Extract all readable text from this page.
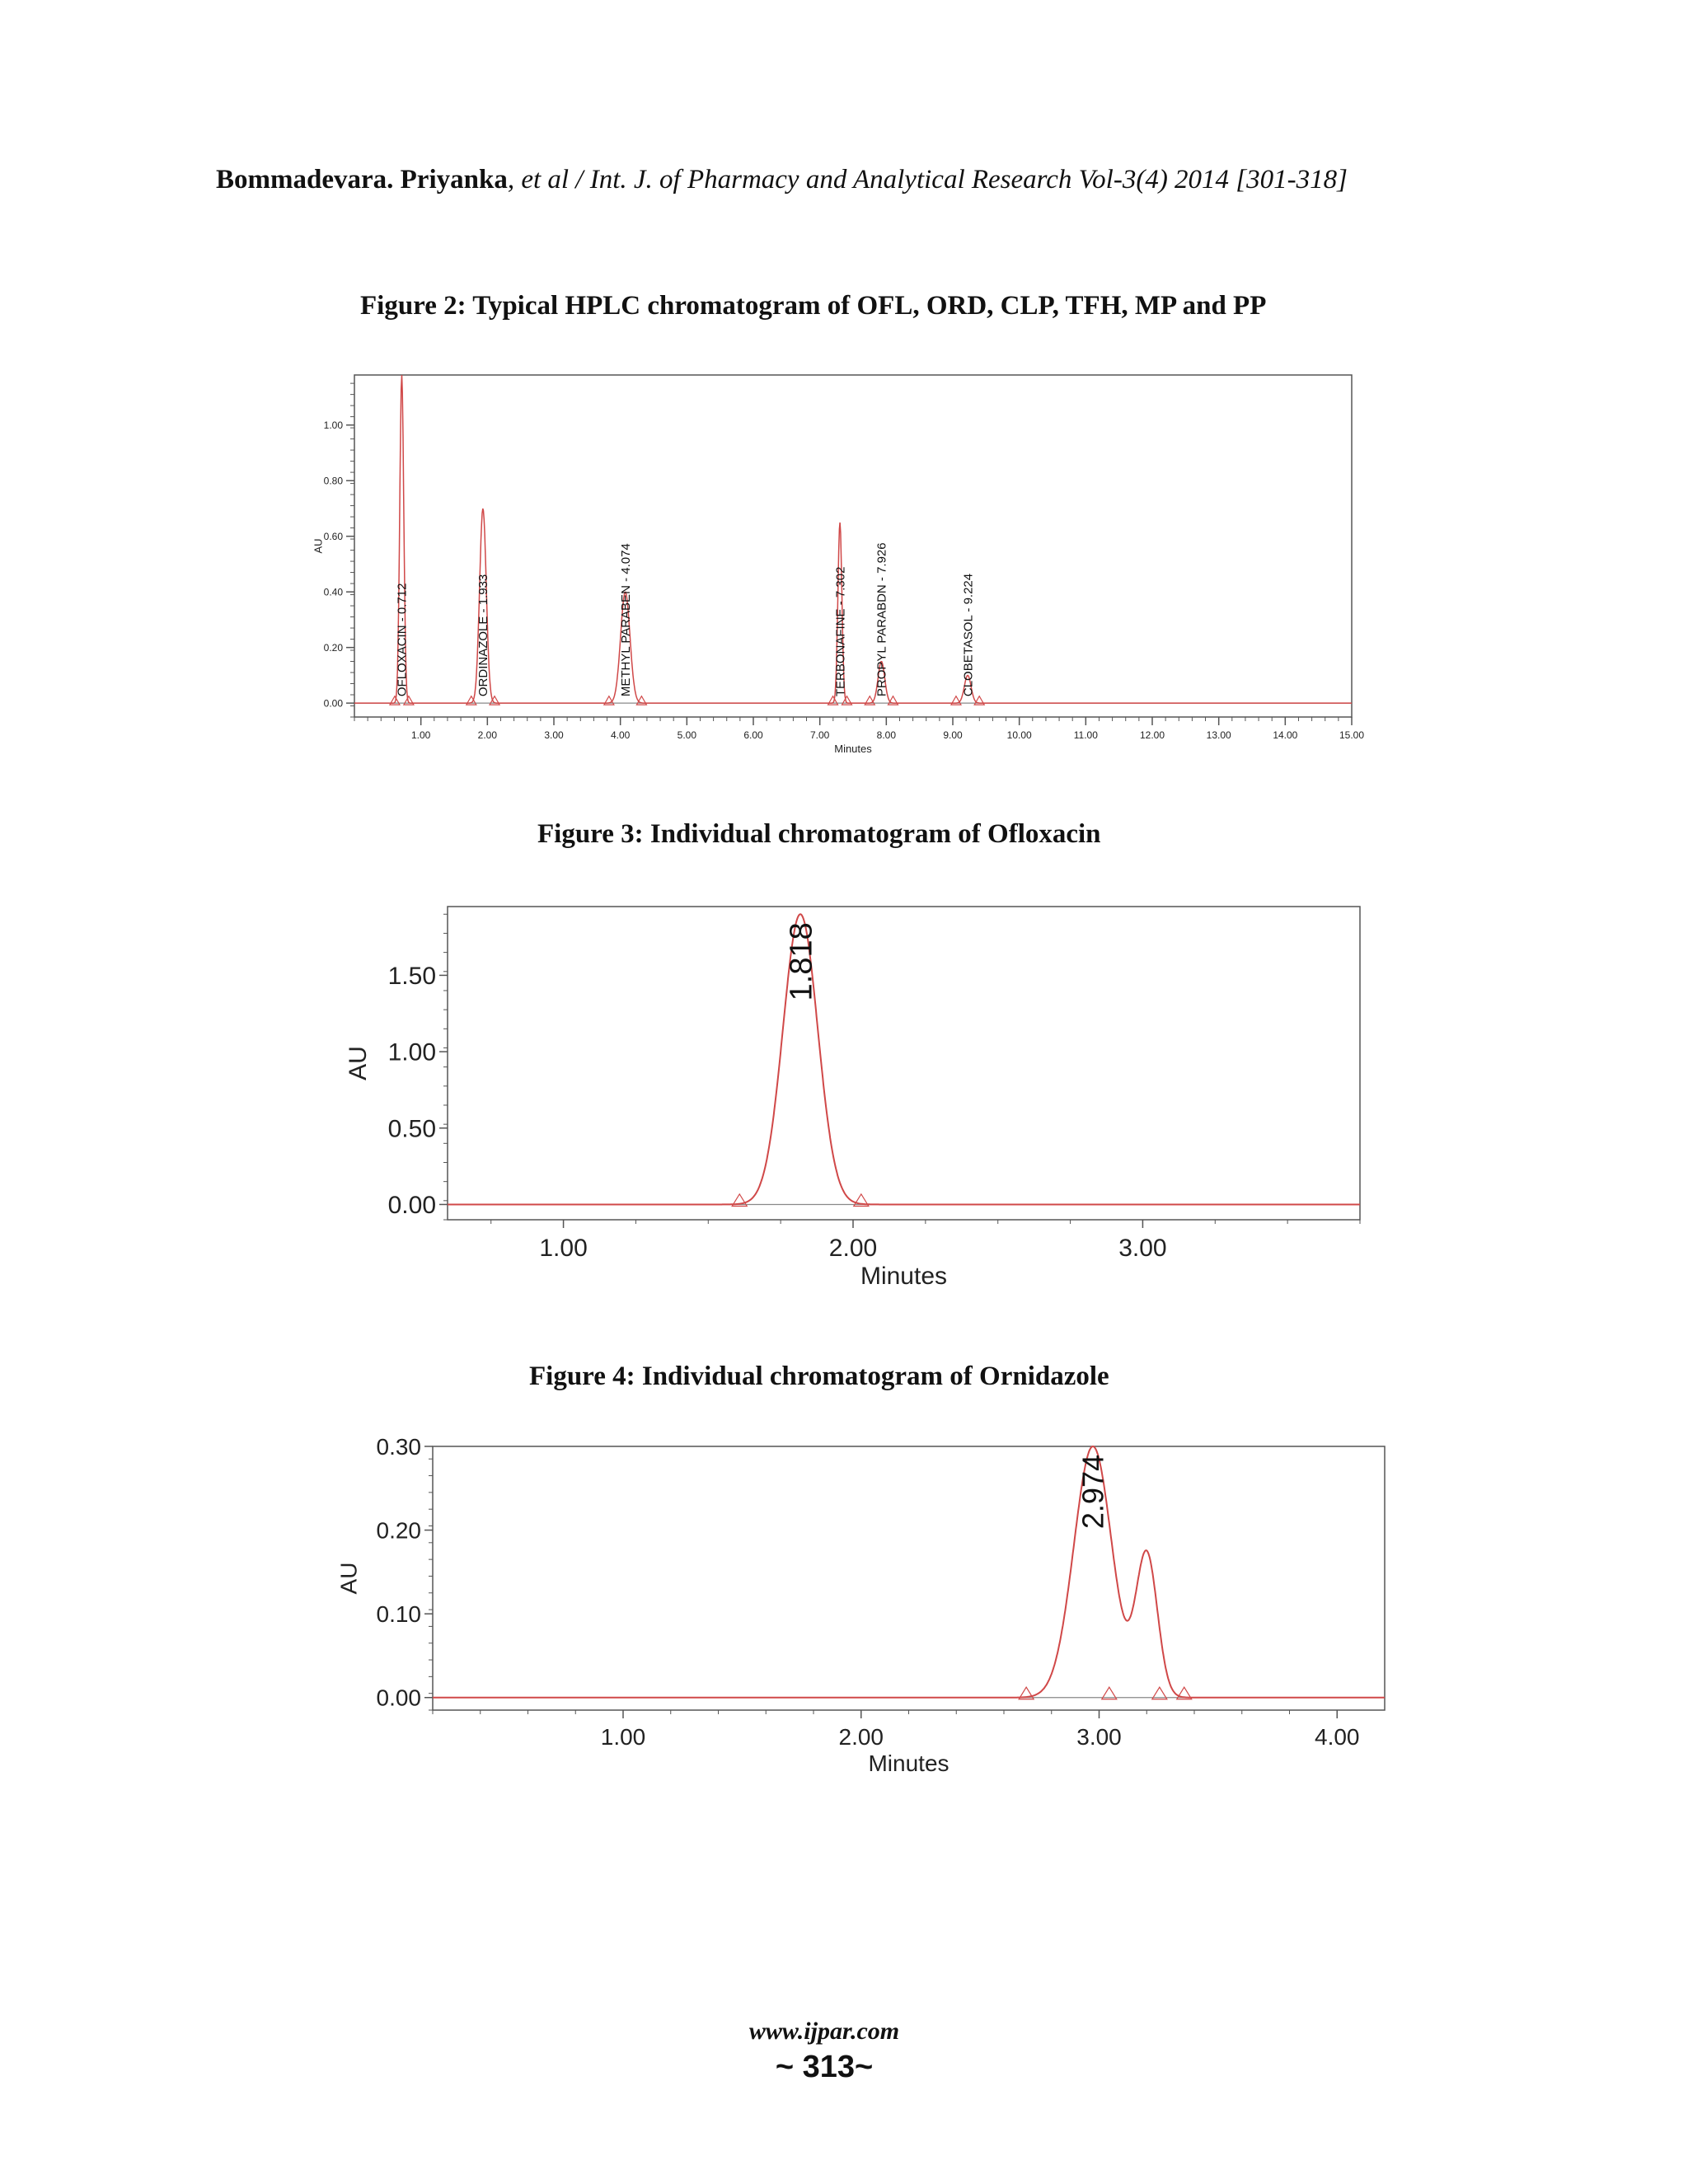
Bommadevara. Priyanka, et al / Int. J. of Pharmacy and Analytical Research Vol-3(4) 2014 [301-318]
Figure 2: Typical HPLC chromatogram of OFL, ORD, CLP, TFH, MP and PP
0.00
0.20
0.40
0.60
0.80
1.00
1.00	2.00	3.00	4.00	5.00	6.00	7.00	8.00	9.00	10.00	11.00	12.00	13.00	14.00	15.00
Minutes
AU
OFLOXACIN - 0.712	ORDINAZOLE - 1.933	METHYL PARABEN - 4.074	TERBONAFINE - 7.302 PROPYL PARABDN - 7.926	CLOBETASOL - 9.224
Figure 3: Individual chromatogram of Ofloxacin
0.00
0.50
1.00
1.50
1.00	2.00	3.00
Minutes
AU
1.818
Figure 4: Individual chromatogram of Ornidazole
0.00
0.10
0.20
0.30
1.00	2.00	3.00	4.00
Minutes
AU
2.974
www.ijpar.com
~ 313~
